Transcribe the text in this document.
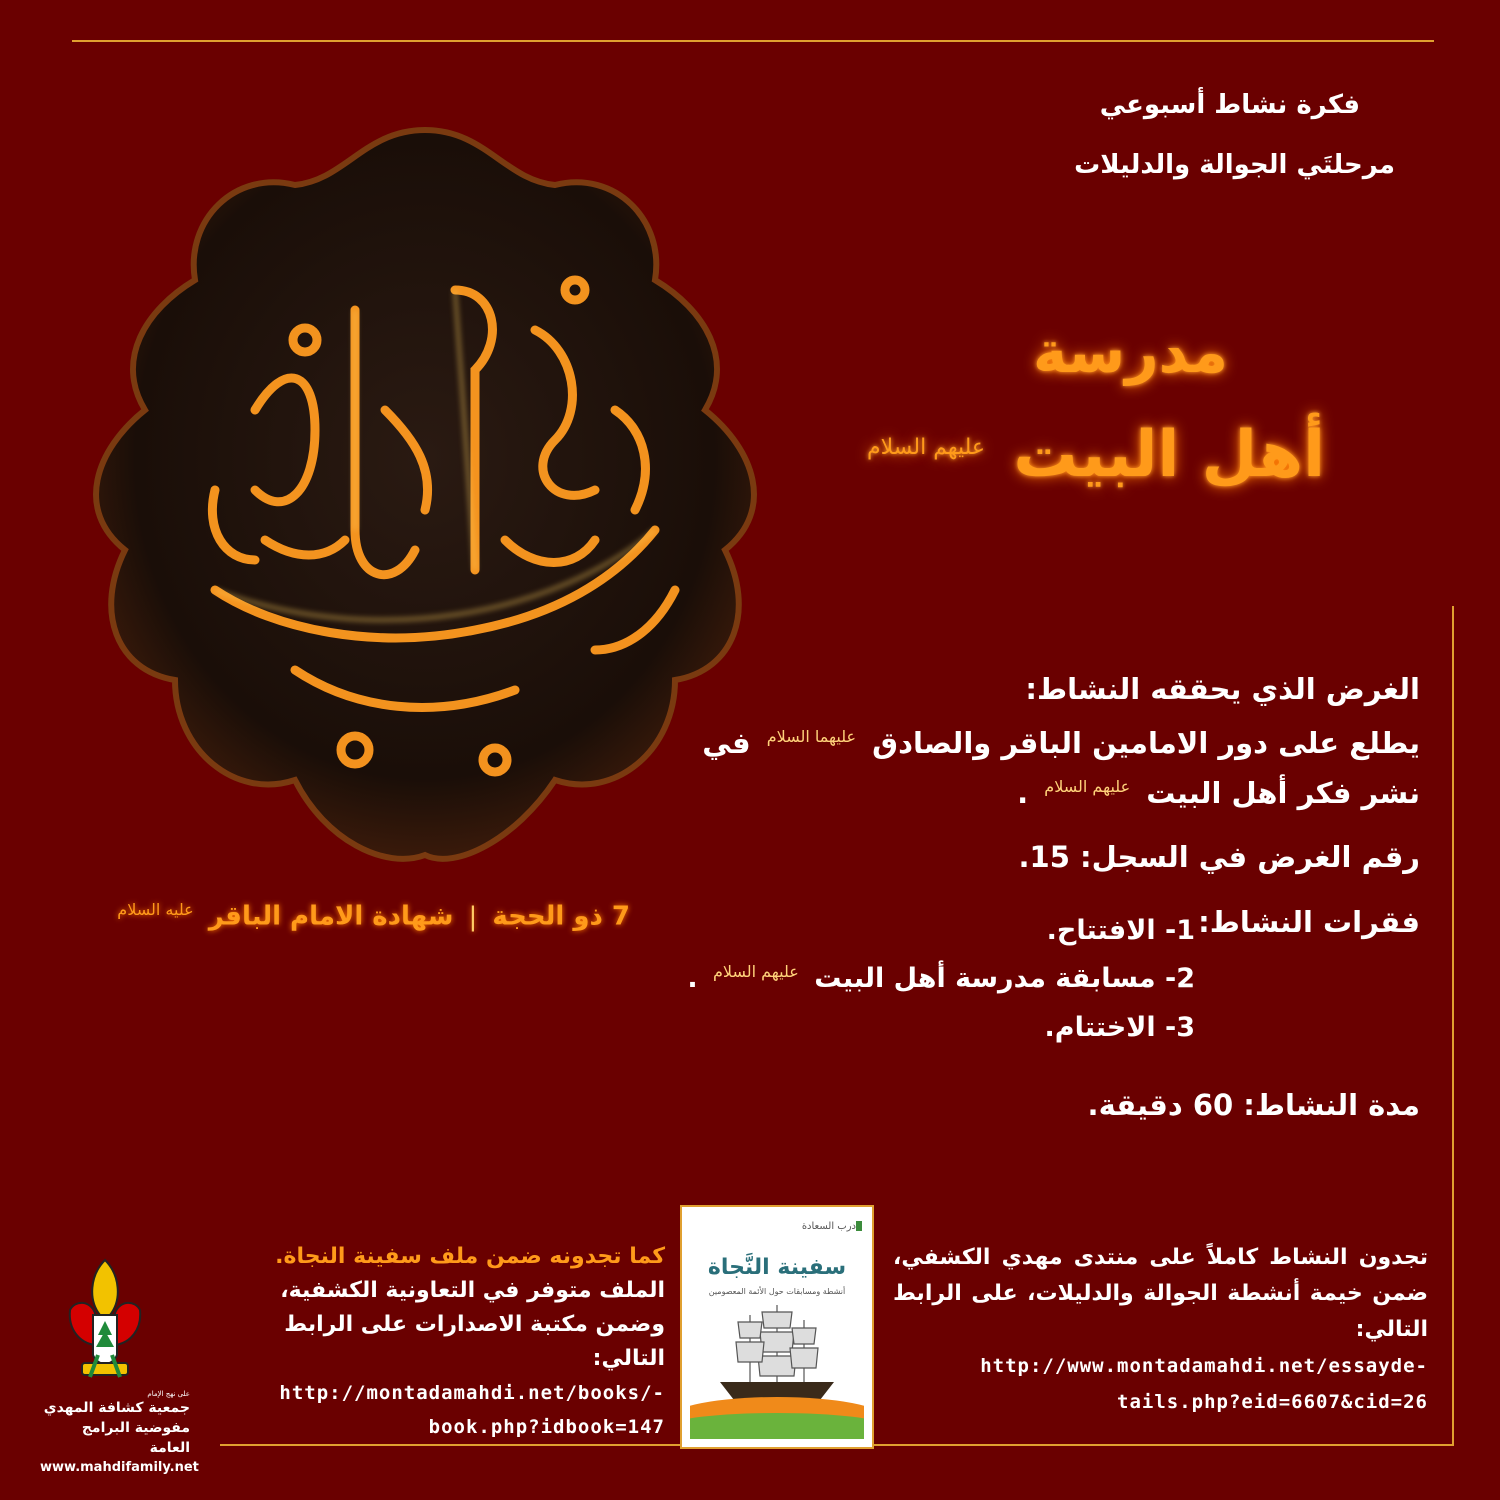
فكرة نشاط أسبوعي
مرحلتَي الجوالة والدليلات
مدرسة
أهل البيت $^{عليهم السلام}$
7 ذو الحجة | شهادة الامام الباقر $^{عليه السلام}$
الغرض الذي يحققه النشاط:
يطلع على دور الامامين الباقر والصادق $^{عليهما السلام}$ في
نشر فكر أهل البيت $^{عليهم السلام}$ .
رقم الغرض في السجل: 15.
فقرات النشاط:
1- الافتتاح.
2- مسابقة مدرسة أهل البيت $^{عليهم السلام}$ .
3- الاختتام.
مدة النشاط: 60 دقيقة.
تجدون النشاط كاملاً على منتدى مهدي الكشفي، ضمن خيمة أنشطة الجوالة والدليلات، على الرابط التالي:
http://www.montadamahdi.net/essayde-
tails.php?eid=6607&cid=26
درب السعادة
سفينة النَّجاة
أنشطة ومسابقات حول الأئمة المعصومين
كما تجدونه ضمن ملف سفينة النجاة.
الملف متوفر في التعاونية الكشفية،
وضمن مكتبة الاصدارات على الرابط التالي:
http://montadamahdi.net/books/-
book.php?idbook=147
على نهج الإمام
جمعية كشافة المهدي
مفوضية البرامج العامة
www.mahdifamily.net
